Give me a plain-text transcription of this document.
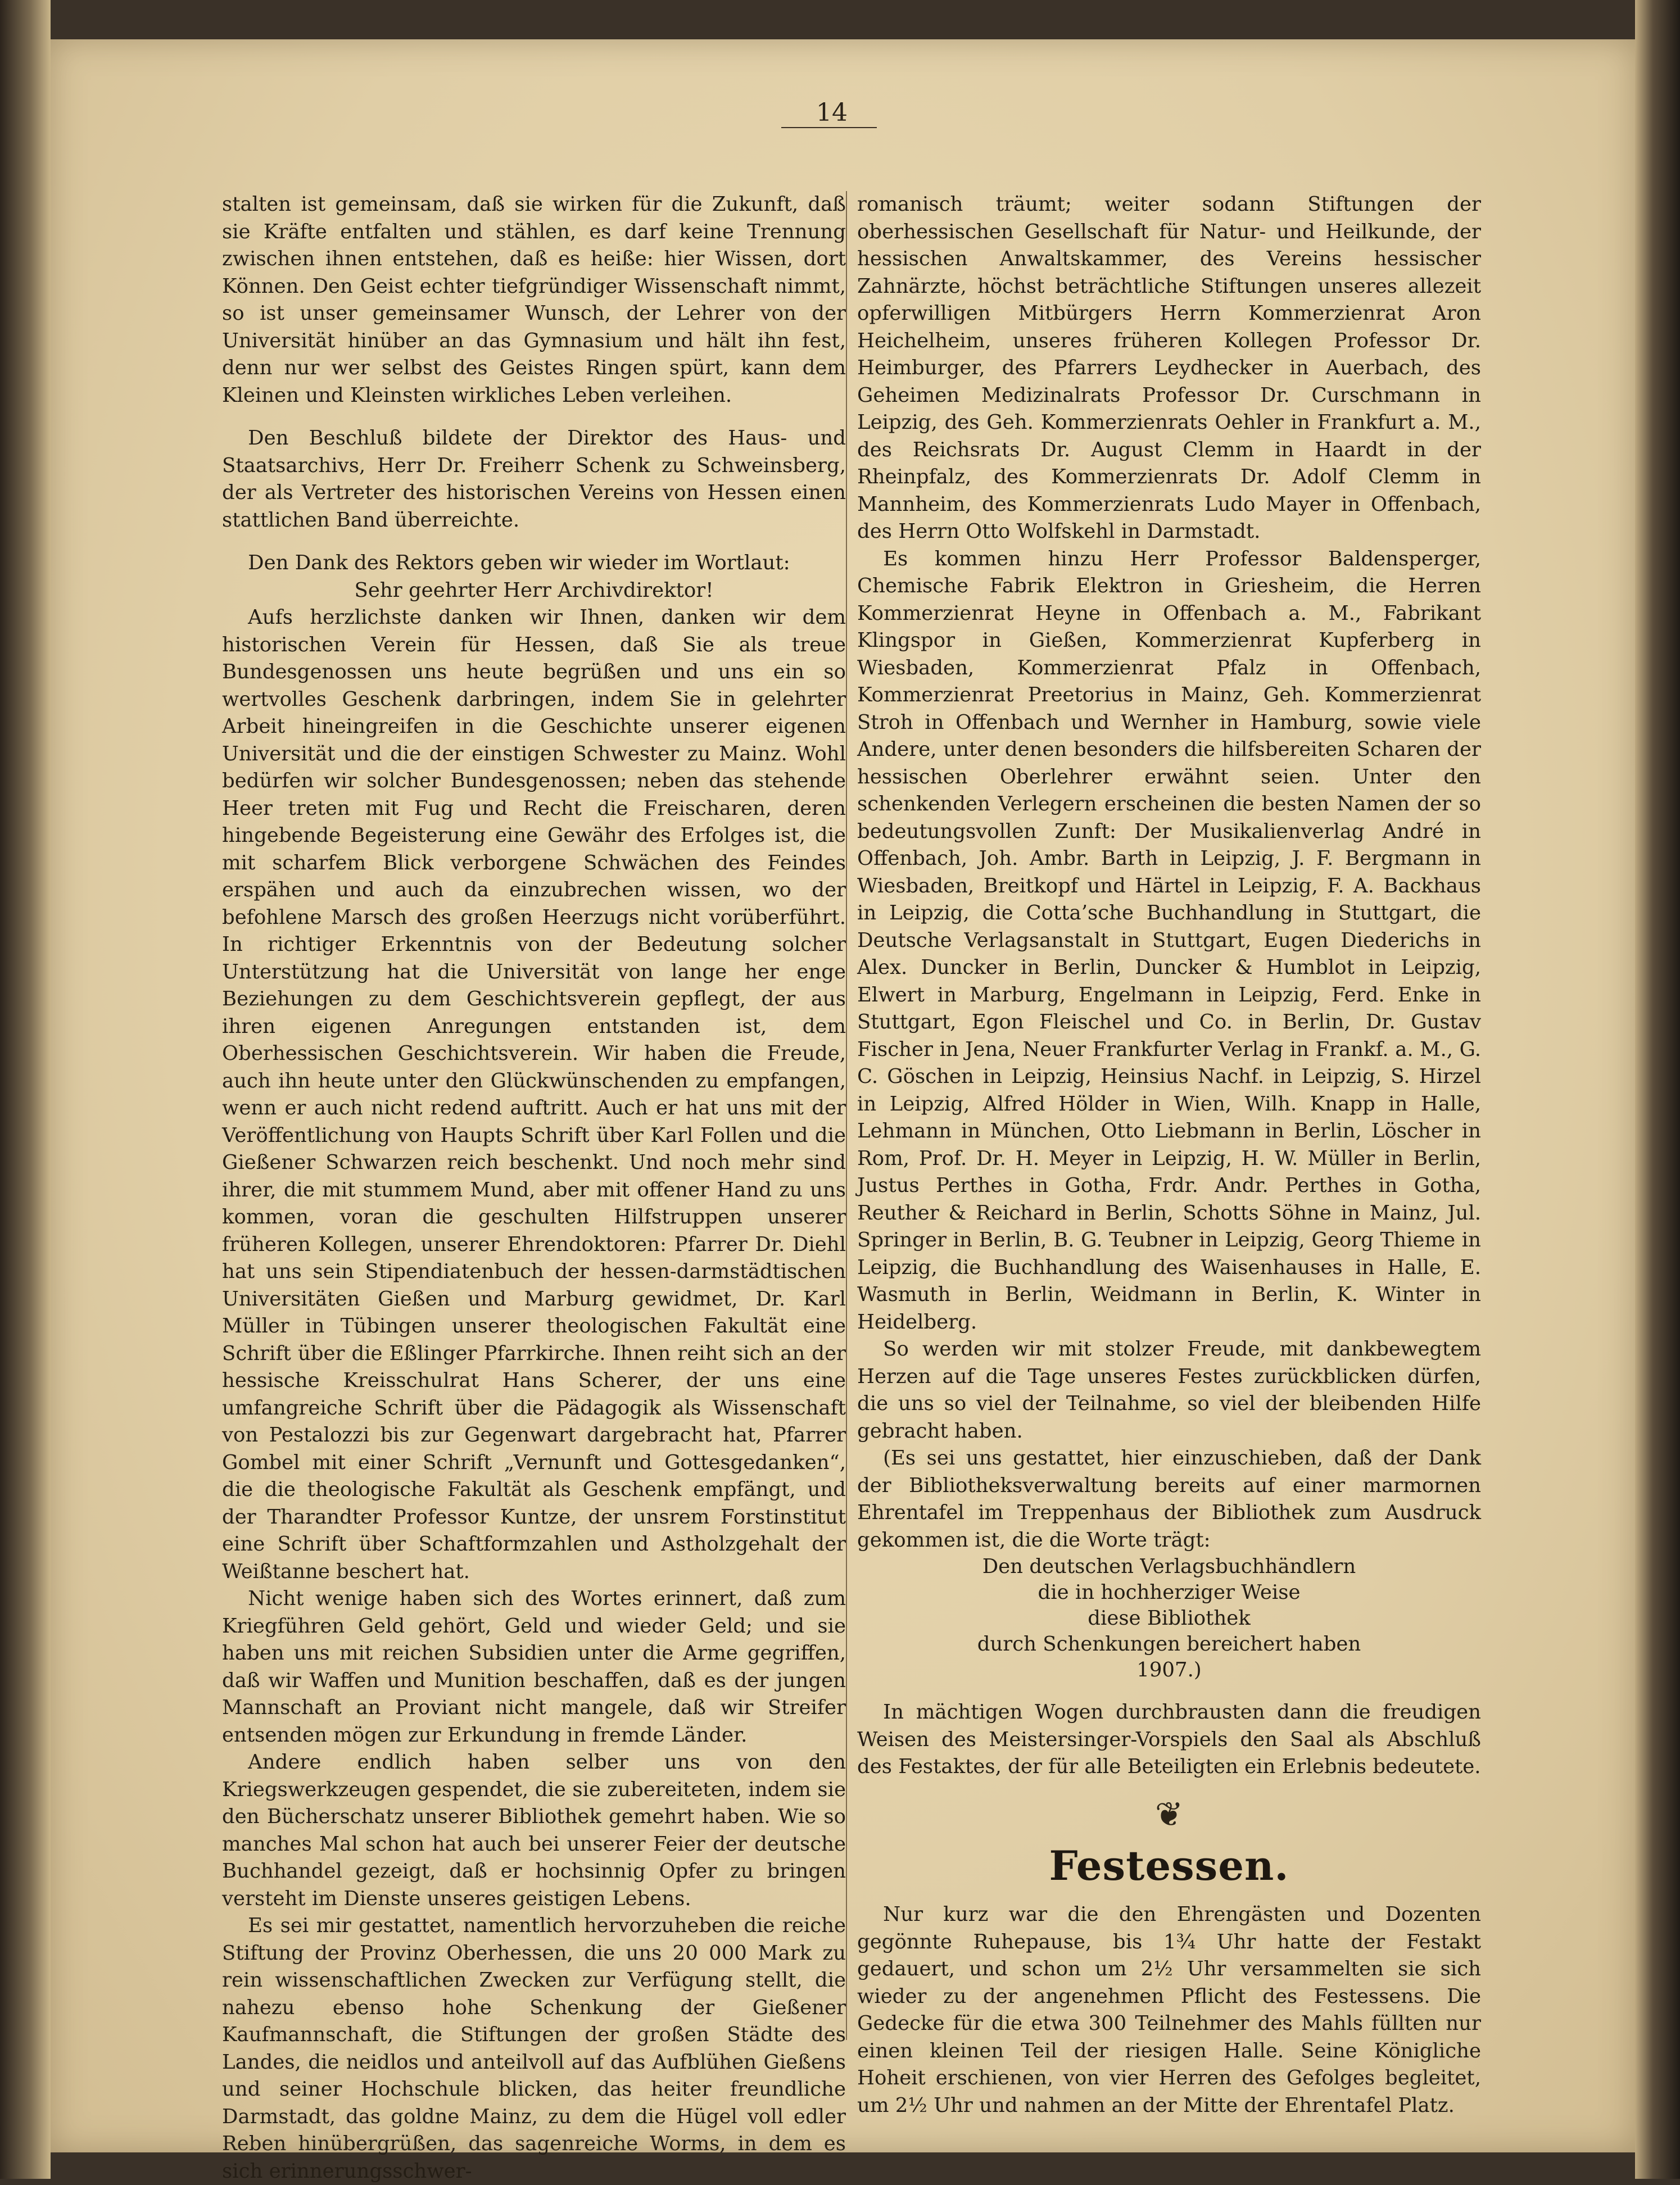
14

stalten ist gemeinsam, daß sie wirken für die Zukunft, daß sie Kräfte entfalten und stählen, es darf keine Trennung zwischen ihnen entstehen, daß es heiße: hier Wissen, dort Können. Den Geist echter tiefgründiger Wissenschaft nimmt, so ist unser gemeinsamer Wunsch, der Lehrer von der Universität hinüber an das Gymnasium und hält ihn fest, denn nur wer selbst des Geistes Ringen spürt, kann dem Kleinen und Kleinsten wirkliches Leben verleihen.

Den Beschluß bildete der Direktor des Haus- und Staatsarchivs, Herr Dr. Freiherr Schenk zu Schweinsberg, der als Vertreter des historischen Vereins von Hessen einen stattlichen Band überreichte.

Den Dank des Rektors geben wir wieder im Wortlaut:

Sehr geehrter Herr Archivdirektor!

Aufs herzlichste danken wir Ihnen, danken wir dem historischen Verein für Hessen, daß Sie als treue Bundesgenossen uns heute begrüßen und uns ein so wertvolles Geschenk darbringen, indem Sie in gelehrter Arbeit hineingreifen in die Geschichte unserer eigenen Universität und die der einstigen Schwester zu Mainz. Wohl bedürfen wir solcher Bundesgenossen; neben das stehende Heer treten mit Fug und Recht die Freischaren, deren hingebende Begeisterung eine Gewähr des Erfolges ist, die mit scharfem Blick verborgene Schwächen des Feindes erspähen und auch da einzubrechen wissen, wo der befohlene Marsch des großen Heerzugs nicht vorüberführt. In richtiger Erkenntnis von der Bedeutung solcher Unterstützung hat die Universität von lange her enge Beziehungen zu dem Geschichtsverein gepflegt, der aus ihren eigenen Anregungen entstanden ist, dem Oberhessischen Geschichtsverein. Wir haben die Freude, auch ihn heute unter den Glückwünschenden zu empfangen, wenn er auch nicht redend auftritt. Auch er hat uns mit der Veröffentlichung von Haupts Schrift über Karl Follen und die Gießener Schwarzen reich beschenkt. Und noch mehr sind ihrer, die mit stummem Mund, aber mit offener Hand zu uns kommen, voran die geschulten Hilfstruppen unserer früheren Kollegen, unserer Ehrendoktoren: Pfarrer Dr. Diehl hat uns sein Stipendiatenbuch der hessen-darmstädtischen Universitäten Gießen und Marburg gewidmet, Dr. Karl Müller in Tübingen unserer theologischen Fakultät eine Schrift über die Eßlinger Pfarrkirche. Ihnen reiht sich an der hessische Kreisschulrat Hans Scherer, der uns eine umfangreiche Schrift über die Pädagogik als Wissenschaft von Pestalozzi bis zur Gegenwart dargebracht hat, Pfarrer Gombel mit einer Schrift „Vernunft und Gottesgedanken“, die die theologische Fakultät als Geschenk empfängt, und der Tharandter Professor Kuntze, der unsrem Forstinstitut eine Schrift über Schaftformzahlen und Astholzgehalt der Weißtanne beschert hat.

Nicht wenige haben sich des Wortes erinnert, daß zum Kriegführen Geld gehört, Geld und wieder Geld; und sie haben uns mit reichen Subsidien unter die Arme gegriffen, daß wir Waffen und Munition beschaffen, daß es der jungen Mannschaft an Proviant nicht mangele, daß wir Streifer entsenden mögen zur Erkundung in fremde Länder.

Andere endlich haben selber uns von den Kriegswerkzeugen gespendet, die sie zubereiteten, indem sie den Bücherschatz unserer Bibliothek gemehrt haben. Wie so manches Mal schon hat auch bei unserer Feier der deutsche Buchhandel gezeigt, daß er hochsinnig Opfer zu bringen versteht im Dienste unseres geistigen Lebens.

Es sei mir gestattet, namentlich hervorzuheben die reiche Stiftung der Provinz Oberhessen, die uns 20 000 Mark zu rein wissenschaftlichen Zwecken zur Verfügung stellt, die nahezu ebenso hohe Schenkung der Gießener Kaufmannschaft, die Stiftungen der großen Städte des Landes, die neidlos und anteilvoll auf das Aufblühen Gießens und seiner Hochschule blicken, das heiter freundliche Darmstadt, das goldne Mainz, zu dem die Hügel voll edler Reben hinübergrüßen, das sagenreiche Worms, in dem es sich erinnerungsschwer-

romanisch träumt; weiter sodann Stiftungen der oberhessischen Gesellschaft für Natur- und Heilkunde, der hessischen Anwaltskammer, des Vereins hessischer Zahnärzte, höchst beträchtliche Stiftungen unseres allezeit opferwilligen Mitbürgers Herrn Kommerzienrat Aron Heichelheim, unseres früheren Kollegen Professor Dr. Heimburger, des Pfarrers Leydhecker in Auerbach, des Geheimen Medizinalrats Professor Dr. Curschmann in Leipzig, des Geh. Kommerzienrats Oehler in Frankfurt a. M., des Reichsrats Dr. August Clemm in Haardt in der Rheinpfalz, des Kommerzienrats Dr. Adolf Clemm in Mannheim, des Kommerzienrats Ludo Mayer in Offenbach, des Herrn Otto Wolfskehl in Darmstadt.

Es kommen hinzu Herr Professor Baldensperger, Chemische Fabrik Elektron in Griesheim, die Herren Kommerzienrat Heyne in Offenbach a. M., Fabrikant Klingspor in Gießen, Kommerzienrat Kupferberg in Wiesbaden, Kommerzienrat Pfalz in Offenbach, Kommerzienrat Preetorius in Mainz, Geh. Kommerzienrat Stroh in Offenbach und Wernher in Hamburg, sowie viele Andere, unter denen besonders die hilfsbereiten Scharen der hessischen Oberlehrer erwähnt seien. Unter den schenkenden Verlegern erscheinen die besten Namen der so bedeutungsvollen Zunft: Der Musikalienverlag André in Offenbach, Joh. Ambr. Barth in Leipzig, J. F. Bergmann in Wiesbaden, Breitkopf und Härtel in Leipzig, F. A. Backhaus in Leipzig, die Cotta’sche Buchhandlung in Stuttgart, die Deutsche Verlagsanstalt in Stuttgart, Eugen Diederichs in Alex. Duncker in Berlin, Duncker & Humblot in Leipzig, Elwert in Marburg, Engelmann in Leipzig, Ferd. Enke in Stuttgart, Egon Fleischel und Co. in Berlin, Dr. Gustav Fischer in Jena, Neuer Frankfurter Verlag in Frankf. a. M., G. C. Göschen in Leipzig, Heinsius Nachf. in Leipzig, S. Hirzel in Leipzig, Alfred Hölder in Wien, Wilh. Knapp in Halle, Lehmann in München, Otto Liebmann in Berlin, Löscher in Rom, Prof. Dr. H. Meyer in Leipzig, H. W. Müller in Berlin, Justus Perthes in Gotha, Frdr. Andr. Perthes in Gotha, Reuther & Reichard in Berlin, Schotts Söhne in Mainz, Jul. Springer in Berlin, B. G. Teubner in Leipzig, Georg Thieme in Leipzig, die Buchhandlung des Waisenhauses in Halle, E. Wasmuth in Berlin, Weidmann in Berlin, K. Winter in Heidelberg.

So werden wir mit stolzer Freude, mit dankbewegtem Herzen auf die Tage unseres Festes zurückblicken dürfen, die uns so viel der Teilnahme, so viel der bleibenden Hilfe gebracht haben.

(Es sei uns gestattet, hier einzuschieben, daß der Dank der Bibliotheksverwaltung bereits auf einer marmornen Ehrentafel im Treppenhaus der Bibliothek zum Ausdruck gekommen ist, die die Worte trägt:

Den deutschen Verlagsbuchhändlern

die in hochherziger Weise

diese Bibliothek

durch Schenkungen bereichert haben

1907.)

In mächtigen Wogen durchbrausten dann die freudigen Weisen des Meistersinger-Vorspiels den Saal als Abschluß des Festaktes, der für alle Beteiligten ein Erlebnis bedeutete.

❦
Festessen.

Nur kurz war die den Ehrengästen und Dozenten gegönnte Ruhepause, bis 1¾ Uhr hatte der Festakt gedauert, und schon um 2½ Uhr versammelten sie sich wieder zu der angenehmen Pflicht des Festessens. Die Gedecke für die etwa 300 Teilnehmer des Mahls füllten nur einen kleinen Teil der riesigen Halle. Seine Königliche Hoheit erschienen, von vier Herren des Gefolges begleitet, um 2½ Uhr und nahmen an der Mitte der Ehrentafel Platz.
